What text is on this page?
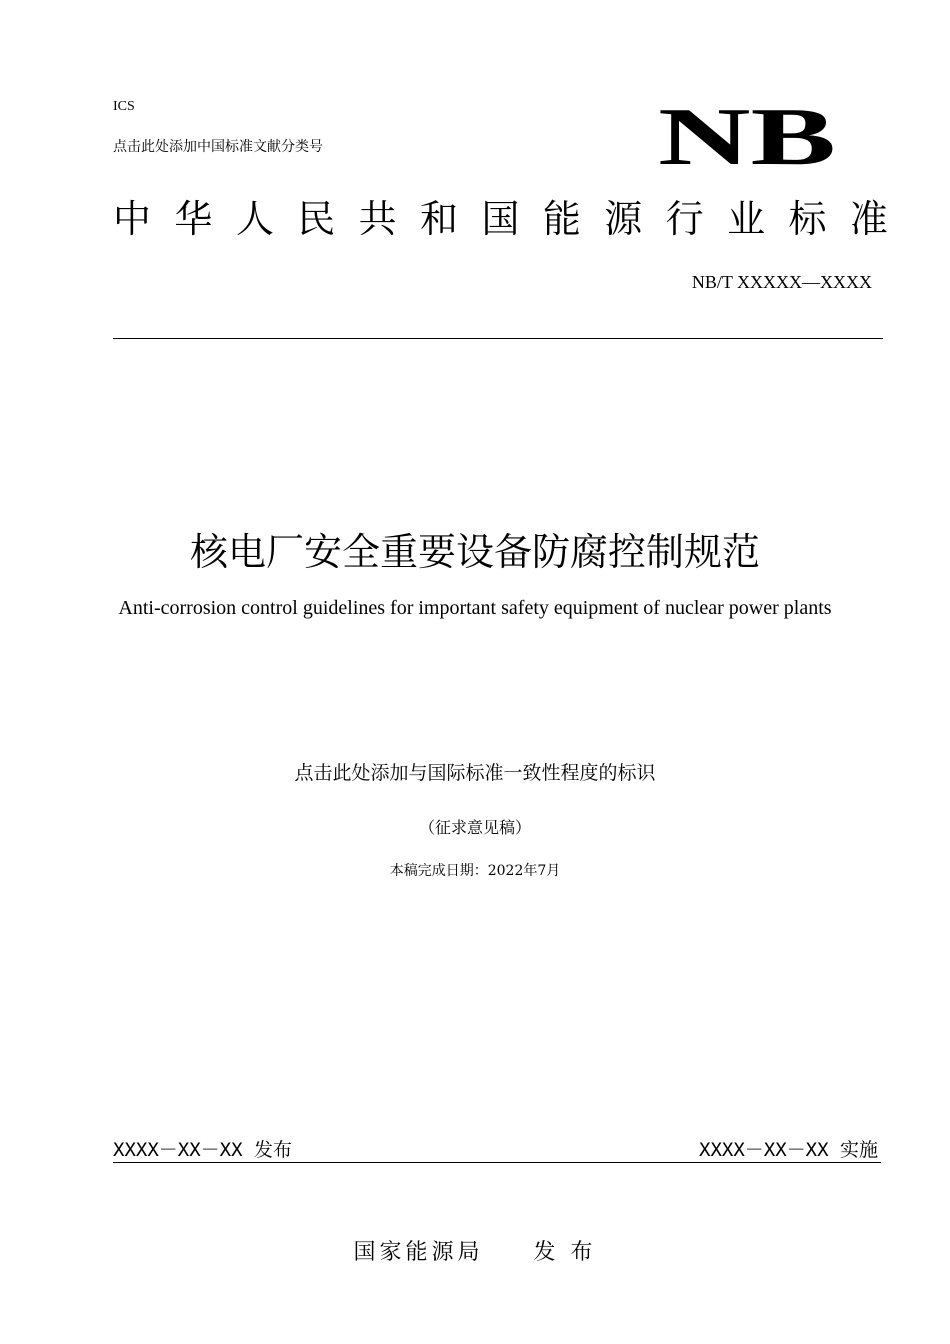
ICS
点击此处添加中国标准文献分类号	NB
中 华 人 民 共 和 国 能 源 行 业 标 准
NB/T XXXXX—XXXX
核电厂安全重要设备防腐控制规范
Anti-corrosion control guidelines for important safety equipment of nuclear power plants
点击此处添加与国际标准一致性程度的标识
（征求意见稿）
本稿完成日期：2022年7月
XXXX－XX－XX 发布	XXXX－XX－XX 实施
国家能源局 发 布
